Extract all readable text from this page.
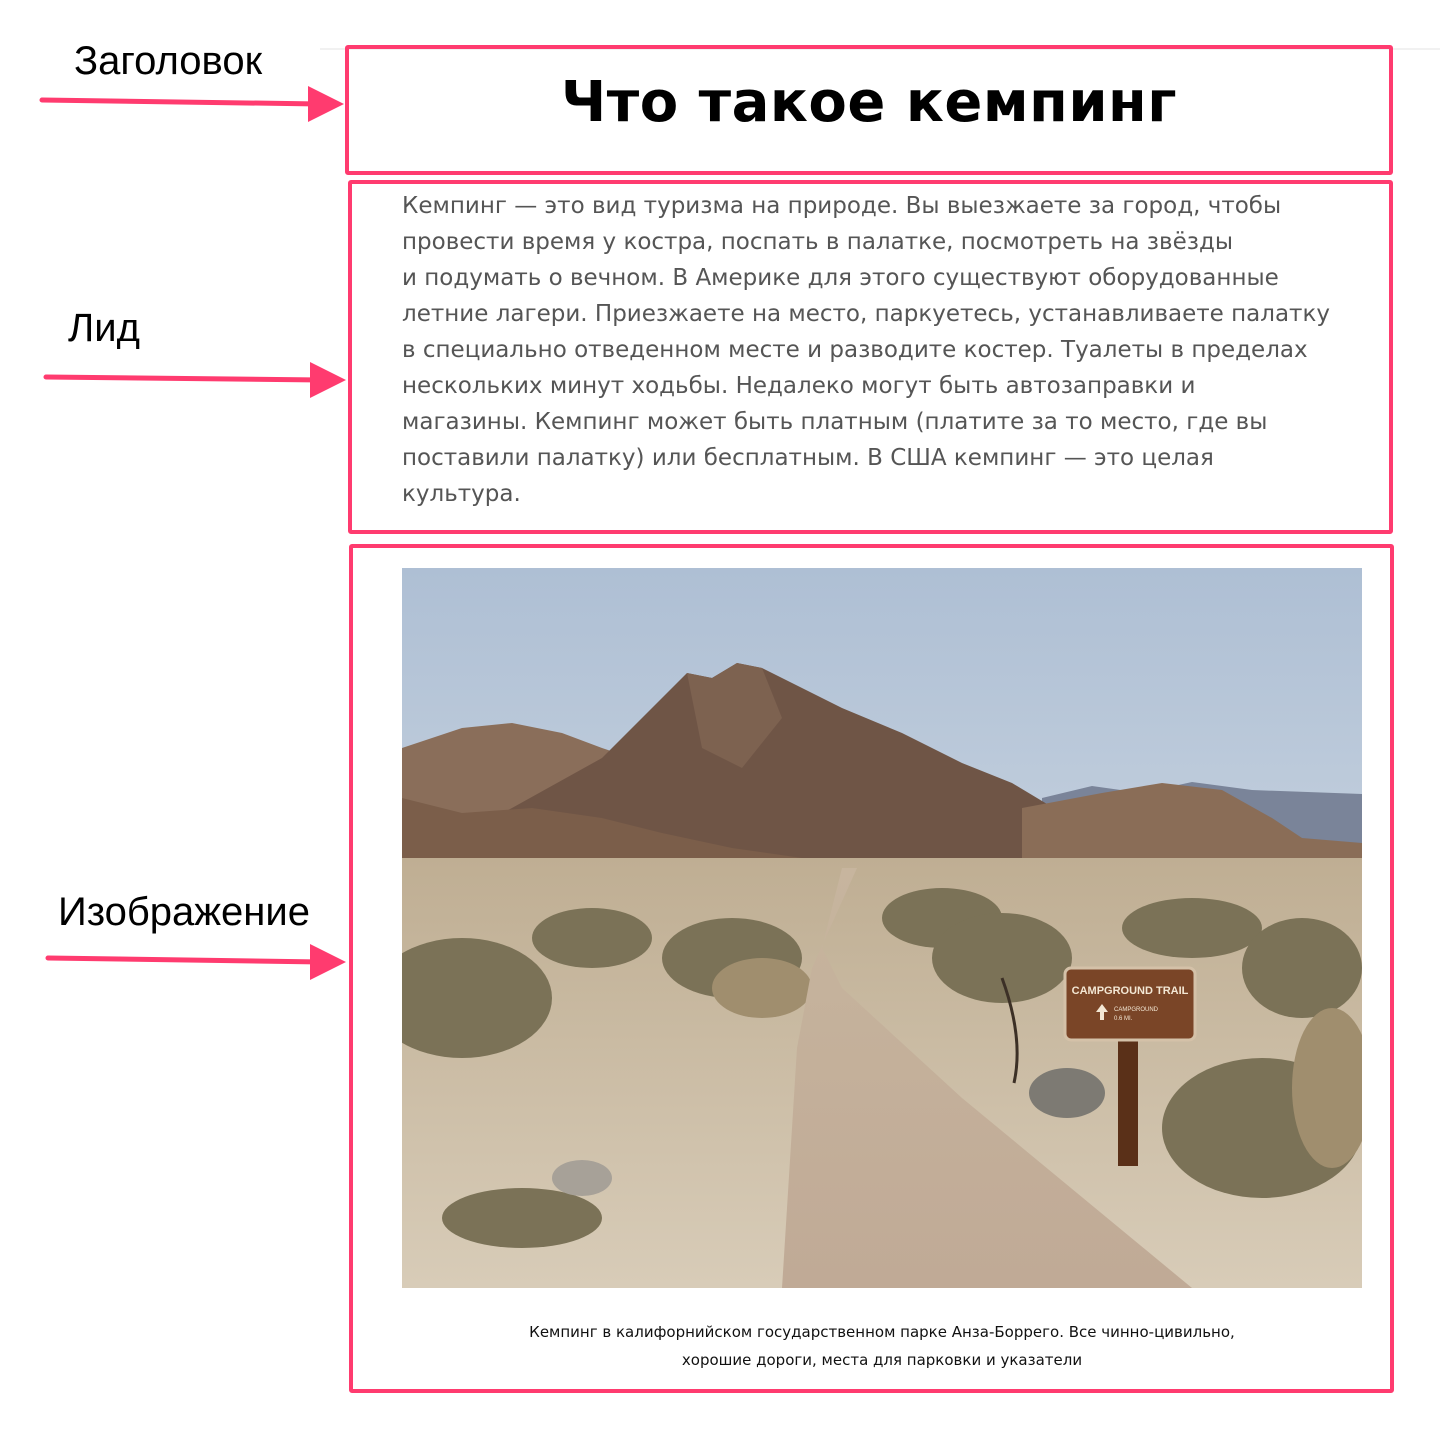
Заголовок
Лид
Изображение
Что такое кемпинг
Кемпинг — это вид туризма на природе. Вы выезжаете за город, чтобы
провести время у костра, поспать в палатке, посмотреть на звёзды
и подумать о вечном. В Америке для этого существуют оборудованные
летние лагери. Приезжаете на место, паркуетесь, устанавливаете палатку
в специально отведенном месте и разводите костер. Туалеты в пределах
нескольких минут ходьбы. Недалеко могут быть автозаправки и
магазины. Кемпинг может быть платным (платите за то место, где вы
поставили палатку) или бесплатным. В США кемпинг — это целая
культура.
CAMPGROUND TRAIL
CAMPGROUND
0.6 MI.
Кемпинг в калифорнийском государственном парке Анза-Боррего. Все чинно-цивильно,
хорошие дороги, места для парковки и указатели
